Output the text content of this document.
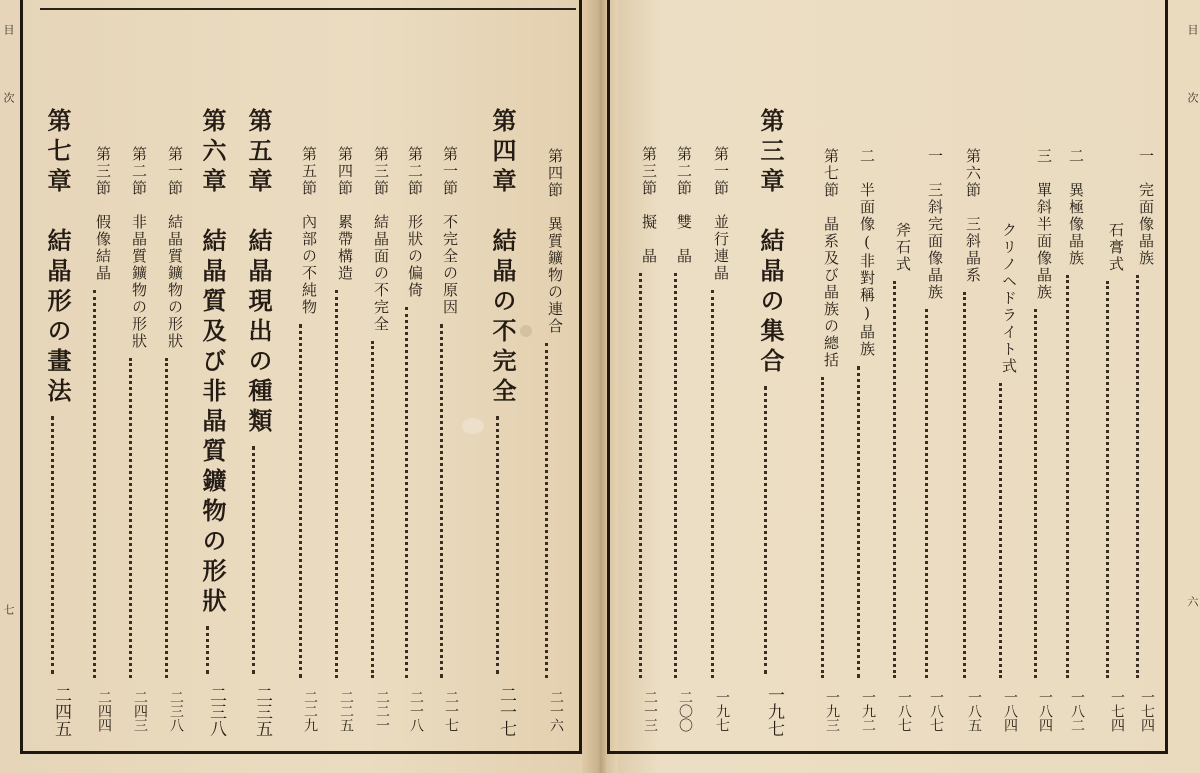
目
次
七
目
次
六
第四節　異質鑛物の連合
二一六
第四章　結晶の不完全
二一七
第一節　不完全の原因
二一七
第二節　形狀の偏倚
二一八
第三節　結晶面の不完全
二二一
第四節　累帶構造
二二五
第五節　內部の不純物
二二九
第五章　結晶現出の種類
二三五
第六章　結晶質及び非晶質鑛物の形狀
二三八
第一節　結晶質鑛物の形狀
二三八
第二節　非晶質鑛物の形狀
二四三
第三節　假像結晶
二四四
第七章　結晶形の畫法
二四五
一　完面像晶族
一七四
石膏式
一七四
二　異極像晶族
一八二
三　單斜半面像晶族
一八四
クリノヘドライト式
一八四
第六節　三斜晶系
一八五
一　三斜完面像晶族
一八七
斧石式
一八七
二　半面像(非對稱)晶族
一九二
第七節　晶系及び晶族の總括
一九三
第三章　結晶の集合
一九七
第一節　並行連晶
一九七
第二節　雙　晶
二〇〇
第三節　擬　晶
二一三
